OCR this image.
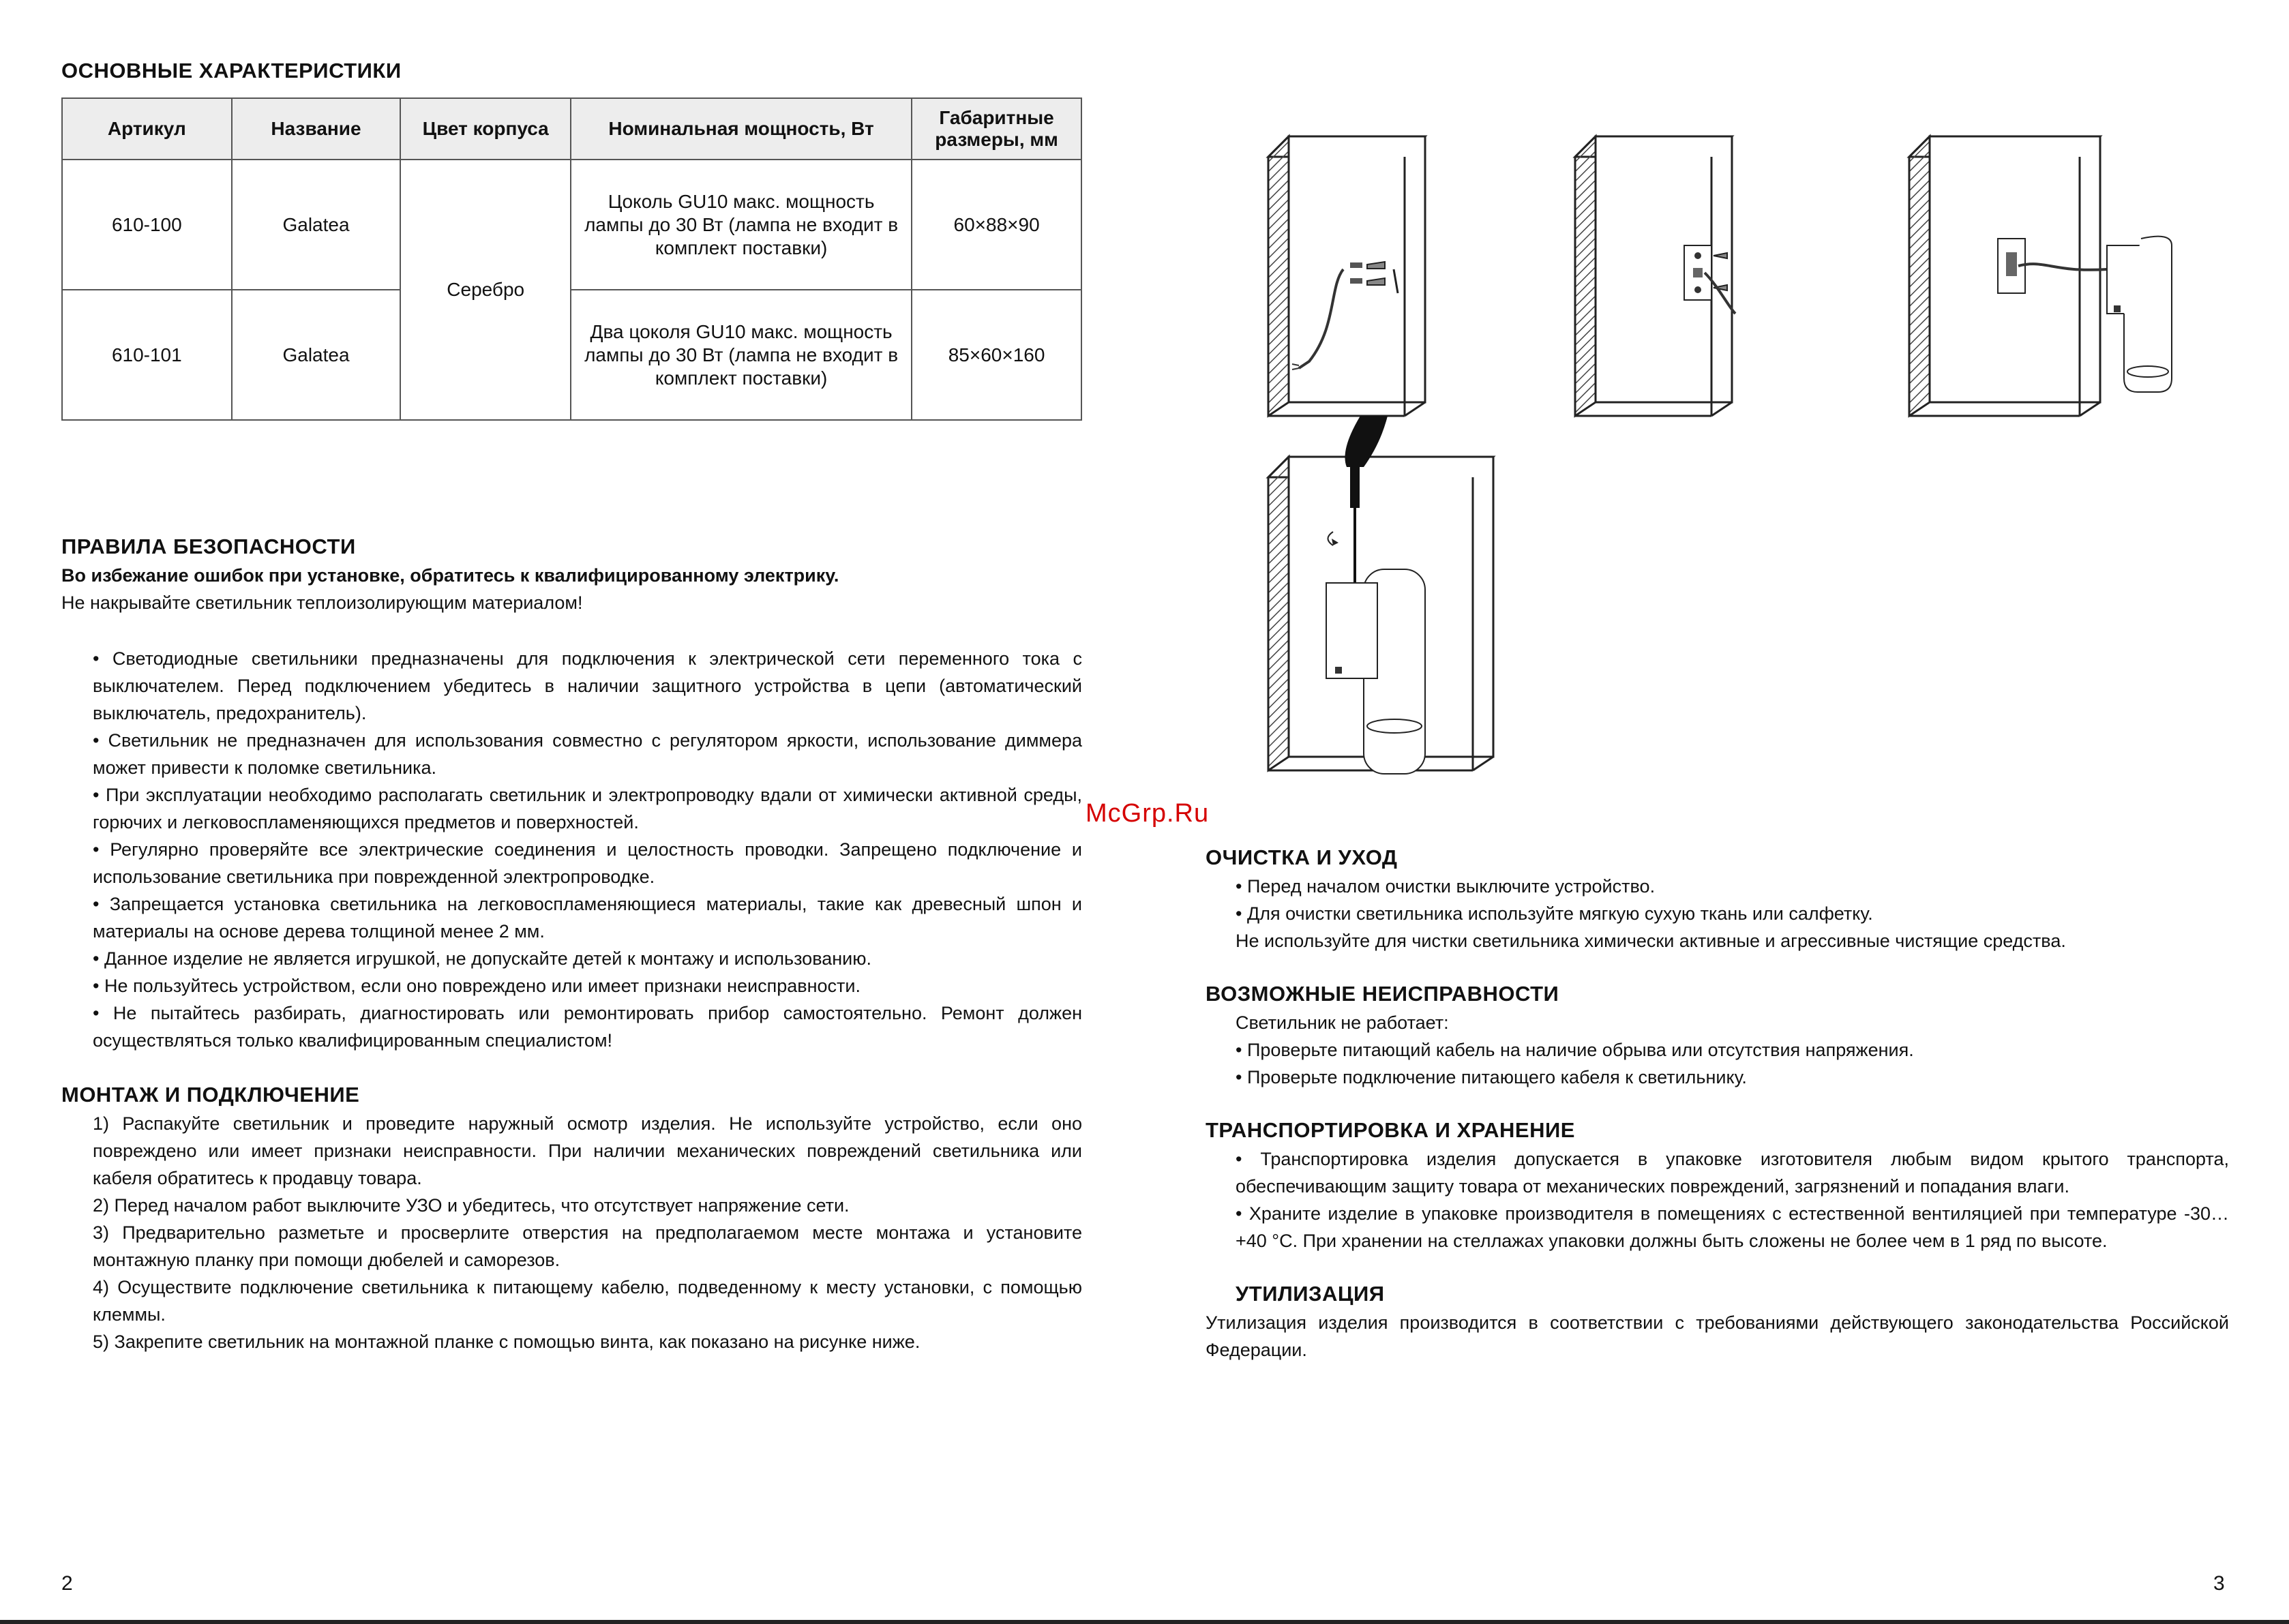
ОСНОВНЫЕ ХАРАКТЕРИСТИКИ
Артикул	Название	Цвет корпуса	Номинальная мощность, Вт	Габаритные размеры, мм
610-100	Galatea	Серебро	Цоколь GU10 макс. мощность лампы до 30 Вт (лампа не входит в комплект поставки)	60×88×90
610-101	Galatea		Два цоколя GU10 макс. мощность лампы до 30 Вт (лампа не входит в комплект поставки)	85×60×160
ПРАВИЛА БЕЗОПАСНОСТИ

Во избежание ошибок при установке, обратитесь к квалифицированному электрику.

Не накрывайте светильник теплоизолирующим материалом!

• Светодиодные светильники предназначены для подключения к электрической сети переменного тока с выключателем. Перед подключением убедитесь в наличии защитного устройства в цепи (автоматический выключатель, предохранитель).

• Светильник не предназначен для использования совместно с регулятором яркости, использование диммера может привести к поломке светильника.

• При эксплуатации необходимо располагать светильник и электропроводку вдали от химически активной среды, горючих и легковоспламеняющихся предметов и поверхностей.

• Регулярно проверяйте все электрические соединения и целостность проводки. Запрещено подключение и использование светильника при поврежденной электропроводке.

• Запрещается установка светильника на легковоспламеняющиеся материалы, такие как древесный шпон и материалы на основе дерева толщиной менее 2 мм.

• Данное изделие не является игрушкой, не допускайте детей к монтажу и использованию.

• Не пользуйтесь устройством, если оно повреждено или имеет признаки неисправности.

• Не пытайтесь разбирать, диагностировать или ремонтировать прибор самостоятельно. Ремонт должен осуществляться только квалифицированным специалистом!

МОНТАЖ И ПОДКЛЮЧЕНИЕ

1) Распакуйте светильник и проведите наружный осмотр изделия. Не используйте устройство, если оно повреждено или имеет признаки неисправности. При наличии механических повреждений светильника или кабеля обратитесь к продавцу товара.

2) Перед началом работ выключите УЗО и убедитесь, что отсутствует напряжение сети.

3) Предварительно разметьте и просверлите отверстия на предполагаемом месте монтажа и установите монтажную планку при помощи дюбелей и саморезов.

4) Осуществите подключение светильника к питающему кабелю, подведенному к месту установки, с помощью клеммы.

5) Закрепите светильник на монтажной планке с помощью винта, как показано на рисунке ниже.

2
McGrp.Ru
ОЧИСТКА И УХОД

• Перед началом очистки выключите устройство.

• Для очистки светильника используйте мягкую сухую ткань или салфетку.

Не используйте для чистки светильника химически активные и агрессивные чистящие средства.

ВОЗМОЖНЫЕ НЕИСПРАВНОСТИ

Светильник не работает:

• Проверьте питающий кабель на наличие обрыва или отсутствия напряжения.

• Проверьте подключение питающего кабеля к светильнику.

ТРАНСПОРТИРОВКА И ХРАНЕНИЕ

• Транспортировка изделия допускается в упаковке изготовителя любым видом крытого транспорта, обеспечивающим защиту товара от механических повреждений, загрязнений и попадания влаги.

• Храните изделие в упаковке производителя в помещениях с естественной вентиляцией при температуре -30…+40 °С. При хранении на стеллажах упаковки должны быть сложены не более чем в 1 ряд по высоте.

УТИЛИЗАЦИЯ

Утилизация изделия производится в соответствии с требованиями действующего законодательства Российской Федерации.

3
